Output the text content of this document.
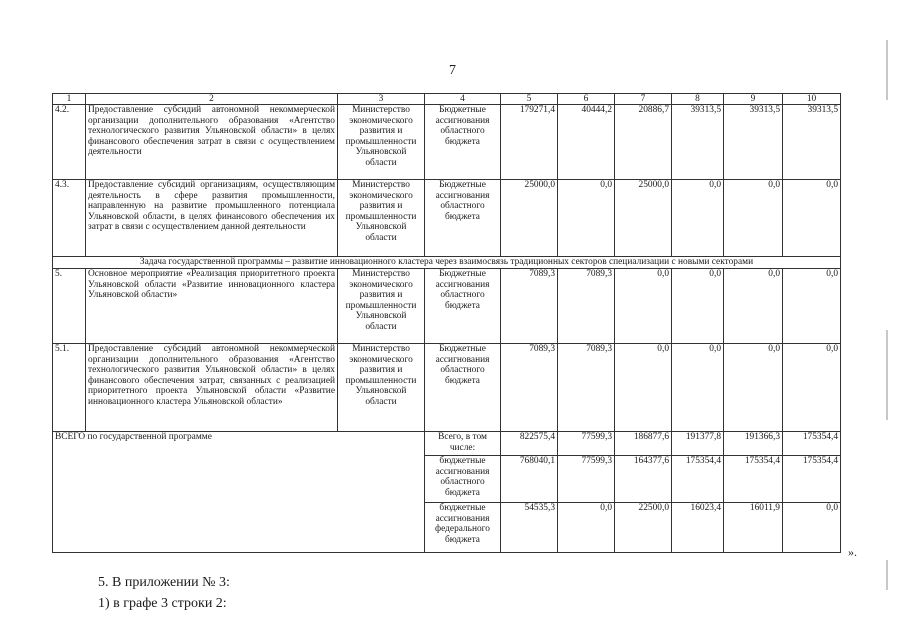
7
1	2	3	4	5	6	7	8	9	10
4.2.	Предоставление субсидий автономной некоммерческой организации дополнительного образования «Агентство технологического развития Ульяновской области» в целях финансового обеспечения затрат в связи с осуществлением деятельности	Министерство экономического развития и промышленности Ульяновской области	Бюджетные ассигнования областного бюджета	179271,4	40444,2	20886,7	39313,5	39313,5	39313,5
4.3.	Предоставление субсидий организациям, осуществляющим деятельность в сфере развития промышленности, направленную на развитие промышленного потенциала Ульяновской области, в целях финансового обеспечения их затрат в связи с осуществлением данной деятельности	Министерство экономического развития и промышленности Ульяновской области	Бюджетные ассигнования областного бюджета	25000,0	0,0	25000,0	0,0	0,0	0,0
Задача государственной программы – развитие инновационного кластера через взаимосвязь традиционных секторов специализации с новыми секторами									
5.	Основное мероприятие «Реализация приоритетного проекта Ульяновской области «Развитие инновационного кластера Ульяновской области»	Министерство экономического развития и промышленности Ульяновской области	Бюджетные ассигнования областного бюджета	7089,3	7089,3	0,0	0,0	0,0	0,0
5.1.	Предоставление субсидий автономной некоммерческой организации дополнительного образования «Агентство технологического развития Ульяновской области» в целях финансового обеспечения затрат, связанных с реализацией приоритетного проекта Ульяновской области «Развитие инновационного кластера Ульяновской области»	Министерство экономического развития и промышленности Ульяновской области	Бюджетные ассигнования областного бюджета	7089,3	7089,3	0,0	0,0	0,0	0,0
ВСЕГО по государственной программе			Всего, в том числе:	822575,4	77599,3	186877,6	191377,8	191366,3	175354,4
			бюджетные ассигнования областного бюджета	768040,1	77599,3	164377,6	175354,4	175354,4	175354,4
			бюджетные ассигнования федерального бюджета	54535,3	0,0	22500,0	16023,4	16011,9	0,0
».
5. В приложении № 3:
1) в графе 3 строки 2:
